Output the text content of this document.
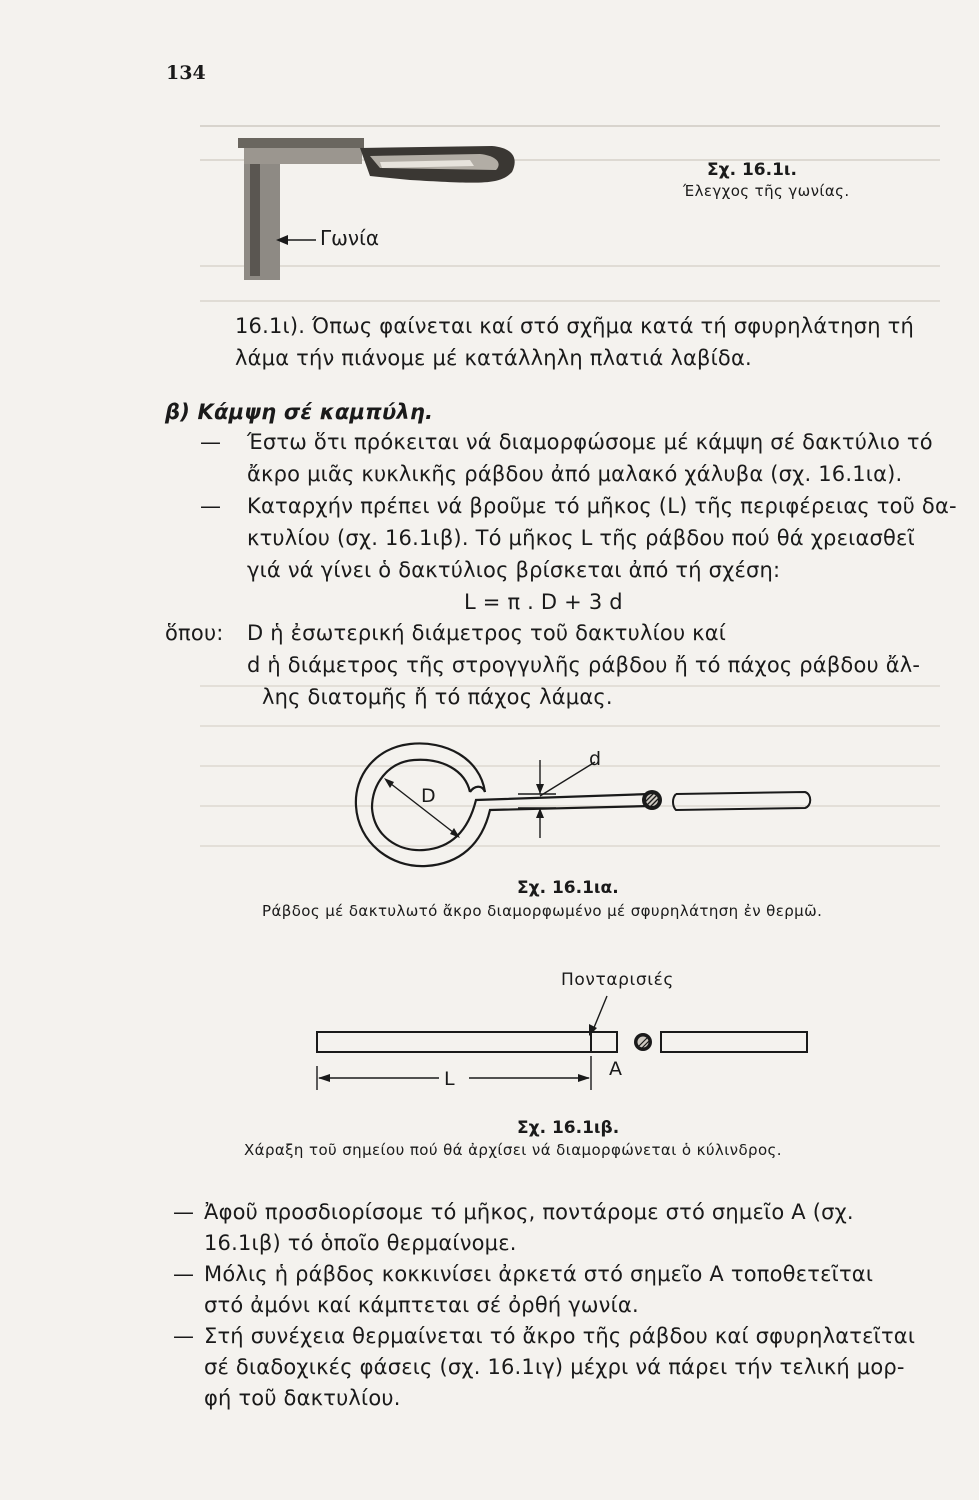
134
Γωνία
Σχ. 16.1ι.
Έλεγχος τῆς γωνίας.
16.1ι). Όπως φαίνεται καί στό σχῆμα κατά τή σφυρηλάτηση τή
λάμα τήν πιάνομε μέ κατάλληλη πλατιά λαβίδα.
β) Κάμψη σέ καμπύλη.
— Έστω ὅτι πρόκειται νά διαμορφώσομε μέ κάμψη σέ δακτύλιο τό
ἄκρο μιᾶς κυκλικῆς ράβδου ἀπό μαλακό χάλυβα (σχ. 16.1ια).
— Καταρχήν πρέπει νά βροῦμε τό μῆκος (L) τῆς περιφέρειας τοῦ δα-
κτυλίου (σχ. 16.1ιβ). Τό μῆκος L τῆς ράβδου πού θά χρειασθεῖ
γιά νά γίνει ὁ δακτύλιος βρίσκεται ἀπό τή σχέση:
L = π . D + 3 d
ὅπου: D ἡ ἐσωτερική διάμετρος τοῦ δακτυλίου καί
d ἡ διάμετρος τῆς στρογγυλῆς ράβδου ἤ τό πάχος ράβδου ἄλ-
λης διατομῆς ἤ τό πάχος λάμας.
D
d
Σχ. 16.1ια.
Ράβδος μέ δακτυλωτό ἄκρο διαμορφωμένο μέ σφυρηλάτηση ἐν θερμῶ.
Πονταρισιές
A
L
Σχ. 16.1ιβ.
Χάραξη τοῦ σημείου πού θά ἀρχίσει νά διαμορφώνεται ὁ κύλινδρος.
— Ἀφοῦ προσδιορίσομε τό μῆκος, ποντάρομε στό σημεῖο Α (σχ.
16.1ιβ) τό ὁποῖο θερμαίνομε.
— Μόλις ἡ ράβδος κοκκινίσει ἀρκετά στό σημεῖο Α τοποθετεῖται
στό ἀμόνι καί κάμπτεται σέ ὀρθή γωνία.
— Στή συνέχεια θερμαίνεται τό ἄκρο τῆς ράβδου καί σφυρηλατεῖται
σέ διαδοχικές φάσεις (σχ. 16.1ιγ) μέχρι νά πάρει τήν τελική μορ-
φή τοῦ δακτυλίου.
